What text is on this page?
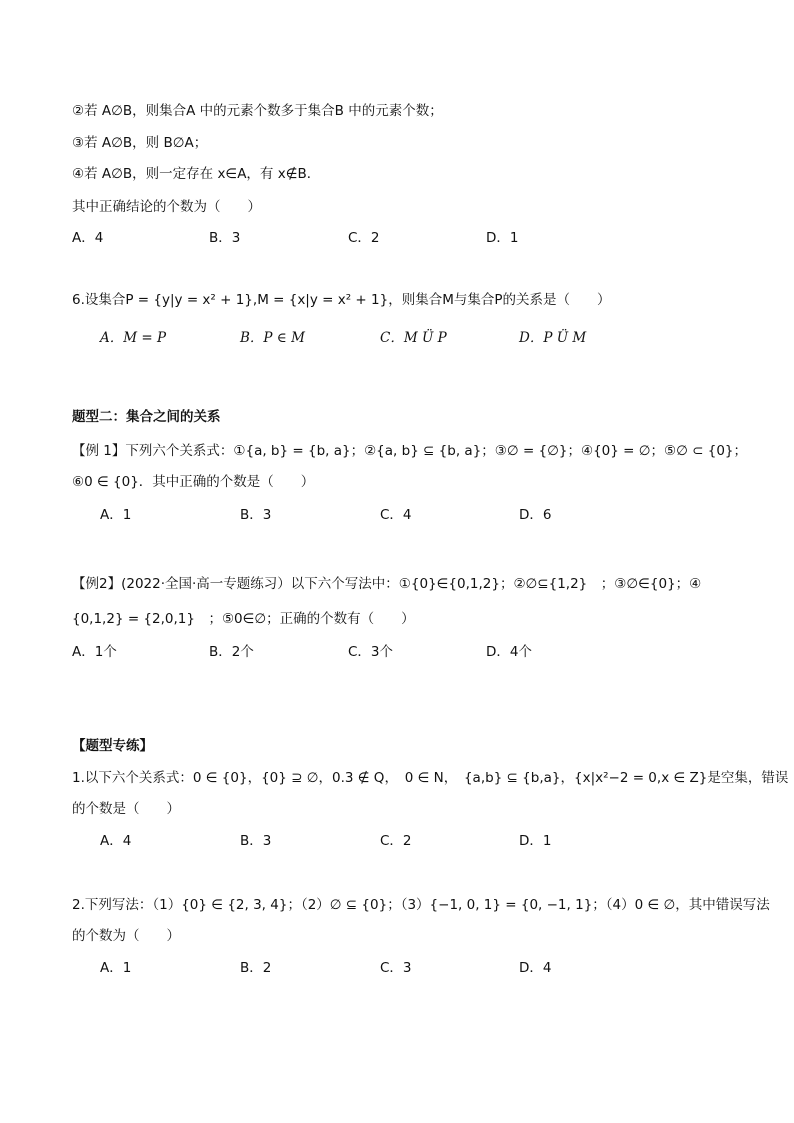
②若 A∅B，则集合A 中的元素个数多于集合B 中的元素个数；
③若 A∅B，则 B∅A；
④若 A∅B，则一定存在 x∈A，有 x∉B．
其中正确结论的个数为（　　）
A．4	B．3	C．2	D．1
6.设集合P = {y|y = x² + 1},M = {x|y = x² + 1}，则集合M与集合P的关系是（　　）
A．M = P	B．P ∈ M	C．M Ü P	D．P Ü M
题型二：集合之间的关系
【例 1】下列六个关系式：①{a, b} = {b, a}；②{a, b} ⊆ {b, a}；③∅ = {∅}；④{0} = ∅；⑤∅ ⊂ {0}；
⑥0 ∈ {0}．其中正确的个数是（　　）
A．1	B．3	C．4	D．6
【例2】(2022·全国·高一专题练习）以下六个写法中：①{0}∈{0,1,2}；②∅⊆{1,2}　；③∅∈{0}；④
{0,1,2} = {2,0,1}　；⑤0∈∅；正确的个数有（　　）
A．1个	B．2个	C．3个	D．4个
【题型专练】
1.以下六个关系式：0 ∈ {0}，{0} ⊇ ∅，0.3 ∉ Q，　0 ∈ N，　{a,b} ⊆ {b,a}，{x|x²−2 = 0,x ∈ Z}是空集，错误
的个数是（　　）
A．4	B．3	C．2	D．1
2.下列写法：（1）{0} ∈ {2, 3, 4}；（2）∅ ⊆ {0}；（3）{−1, 0, 1} = {0, −1, 1}；（4）0 ∈ ∅，其中错误写法
的个数为（　　）
A．1	B．2	C．3	D．4
